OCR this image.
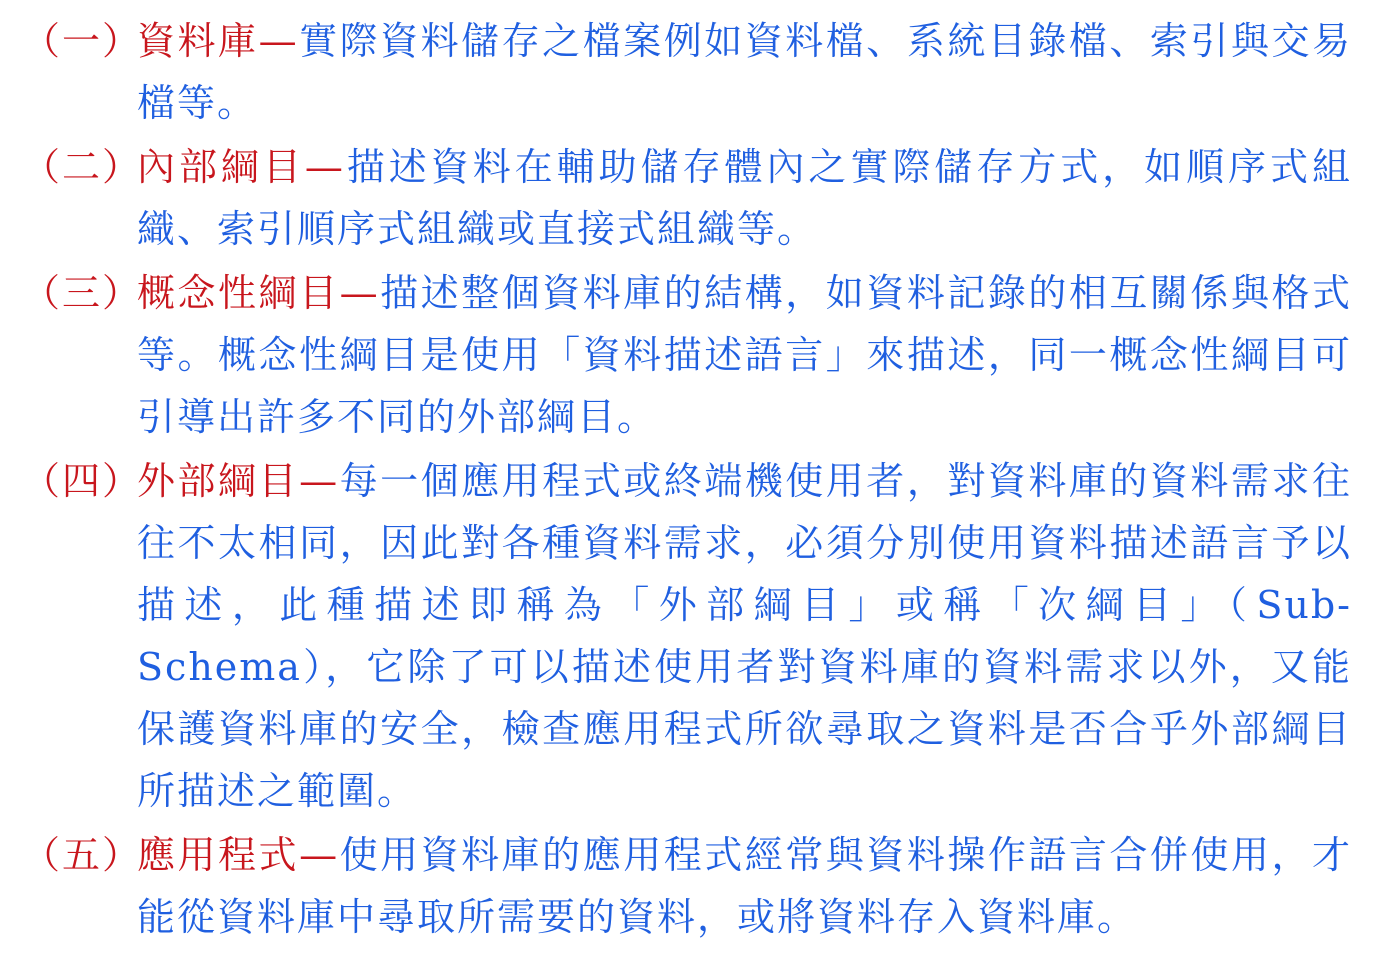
（一）
資料庫—實際資料儲存之檔案例如資料檔、系統目錄檔、索引與交易檔等。
（二）
內部綱目—描述資料在輔助儲存體內之實際儲存方式，如順序式組織、索引順序式組織或直接式組織等。
（三）
概念性綱目—描述整個資料庫的結構，如資料記錄的相互關係與格式等。概念性綱目是使用「資料描述語言」來描述，同一概念性綱目可引導出許多不同的外部綱目。
（四）
外部綱目—每一個應用程式或終端機使用者，對資料庫的資料需求往往不太相同，因此對各種資料需求，必須分別使用資料描述語言予以描述，此種描述即稱為「外部綱目」或稱「次綱目」（Sub-Schema），它除了可以描述使用者對資料庫的資料需求以外，又能保護資料庫的安全，檢查應用程式所欲尋取之資料是否合乎外部綱目所描述之範圍。
（五）
應用程式—使用資料庫的應用程式經常與資料操作語言合併使用，才能從資料庫中尋取所需要的資料，或將資料存入資料庫。
